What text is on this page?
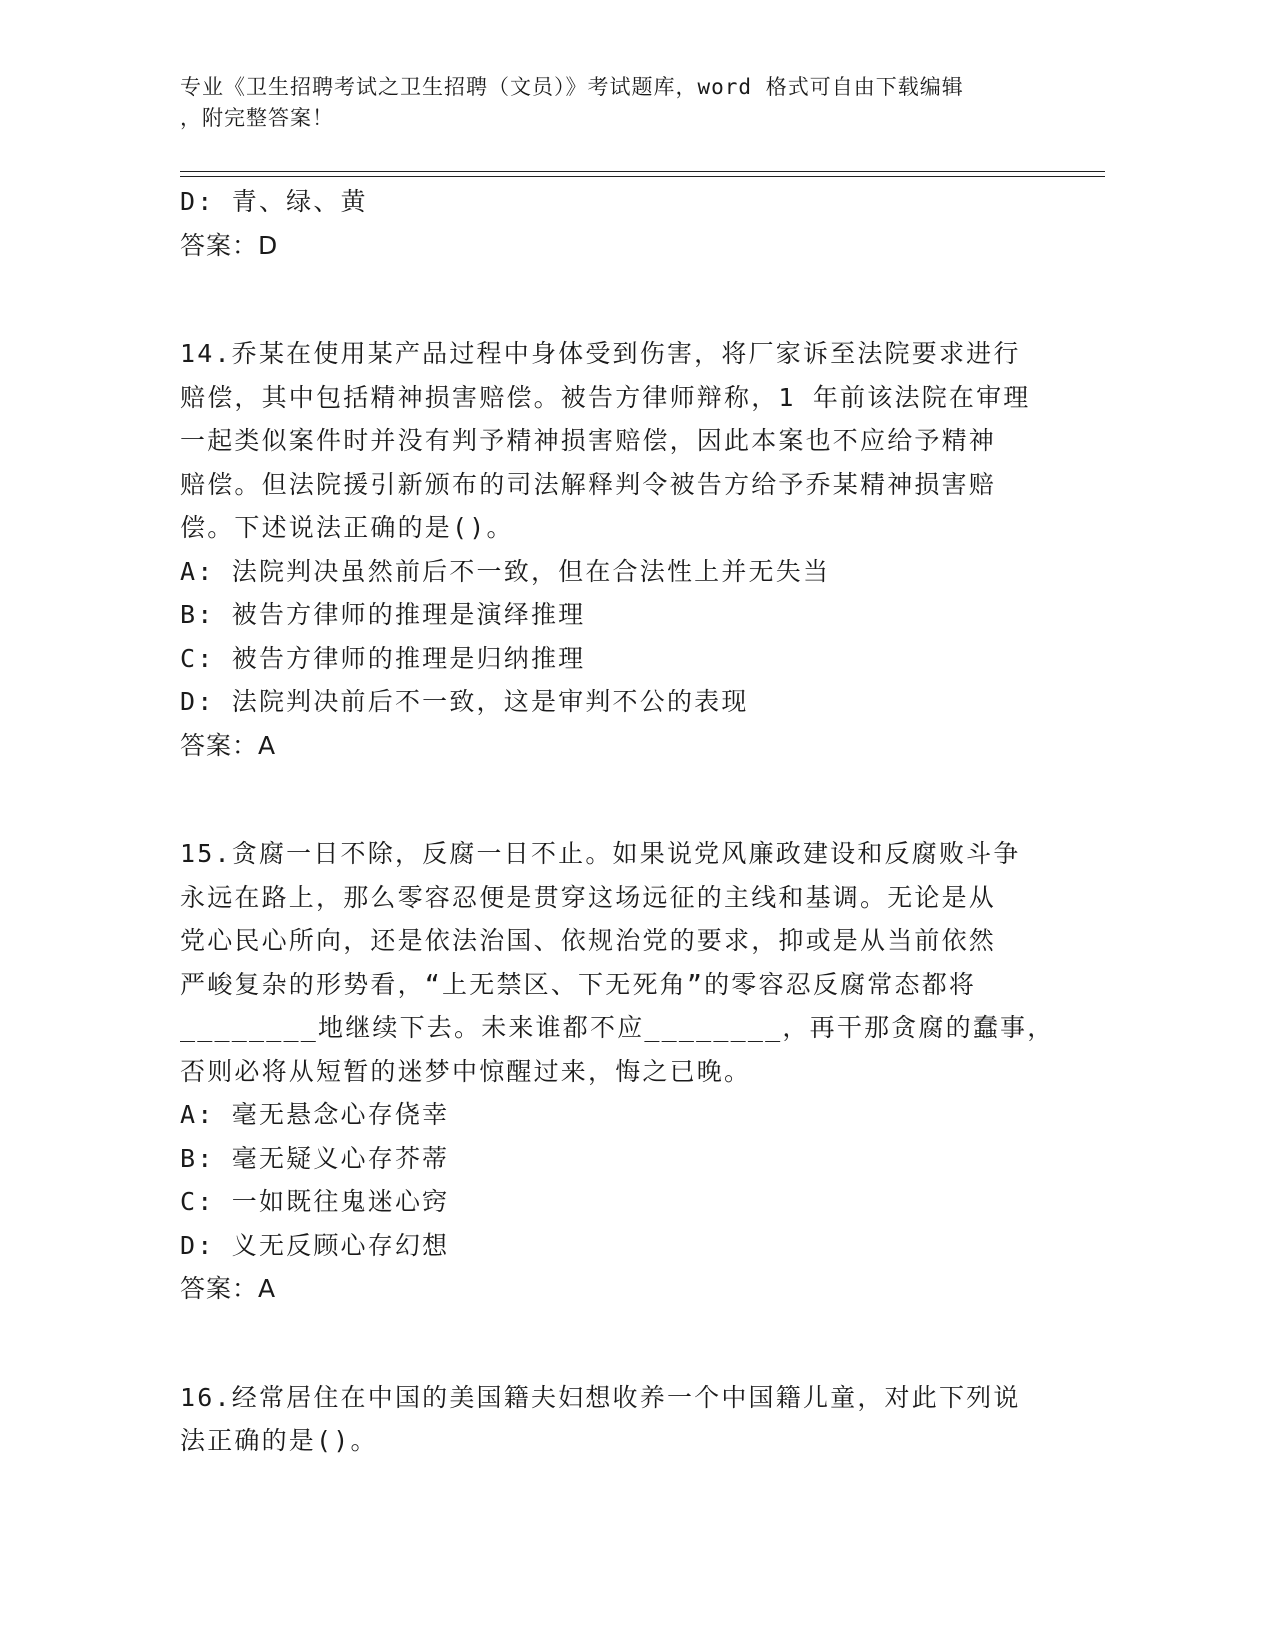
专业《卫生招聘考试之卫生招聘（文员）》考试题库，word 格式可自由下载编辑
，附完整答案！
D: 青、绿、黄
答案：D
14.乔某在使用某产品过程中身体受到伤害，将厂家诉至法院要求进行
赔偿，其中包括精神损害赔偿。被告方律师辩称，1 年前该法院在审理
一起类似案件时并没有判予精神损害赔偿，因此本案也不应给予精神
赔偿。但法院援引新颁布的司法解释判令被告方给予乔某精神损害赔
偿。下述说法正确的是()。
A: 法院判决虽然前后不一致，但在合法性上并无失当
B: 被告方律师的推理是演绎推理
C: 被告方律师的推理是归纳推理
D: 法院判决前后不一致，这是审判不公的表现
答案：A
15.贪腐一日不除，反腐一日不止。如果说党风廉政建设和反腐败斗争
永远在路上，那么零容忍便是贯穿这场远征的主线和基调。无论是从
党心民心所向，还是依法治国、依规治党的要求，抑或是从当前依然
严峻复杂的形势看，“上无禁区、下无死角”的零容忍反腐常态都将
________地继续下去。未来谁都不应________，再干那贪腐的蠢事，
否则必将从短暂的迷梦中惊醒过来，悔之已晚。
A: 毫无悬念心存侥幸
B: 毫无疑义心存芥蒂
C: 一如既往鬼迷心窍
D: 义无反顾心存幻想
答案：A
16.经常居住在中国的美国籍夫妇想收养一个中国籍儿童，对此下列说
法正确的是()。
